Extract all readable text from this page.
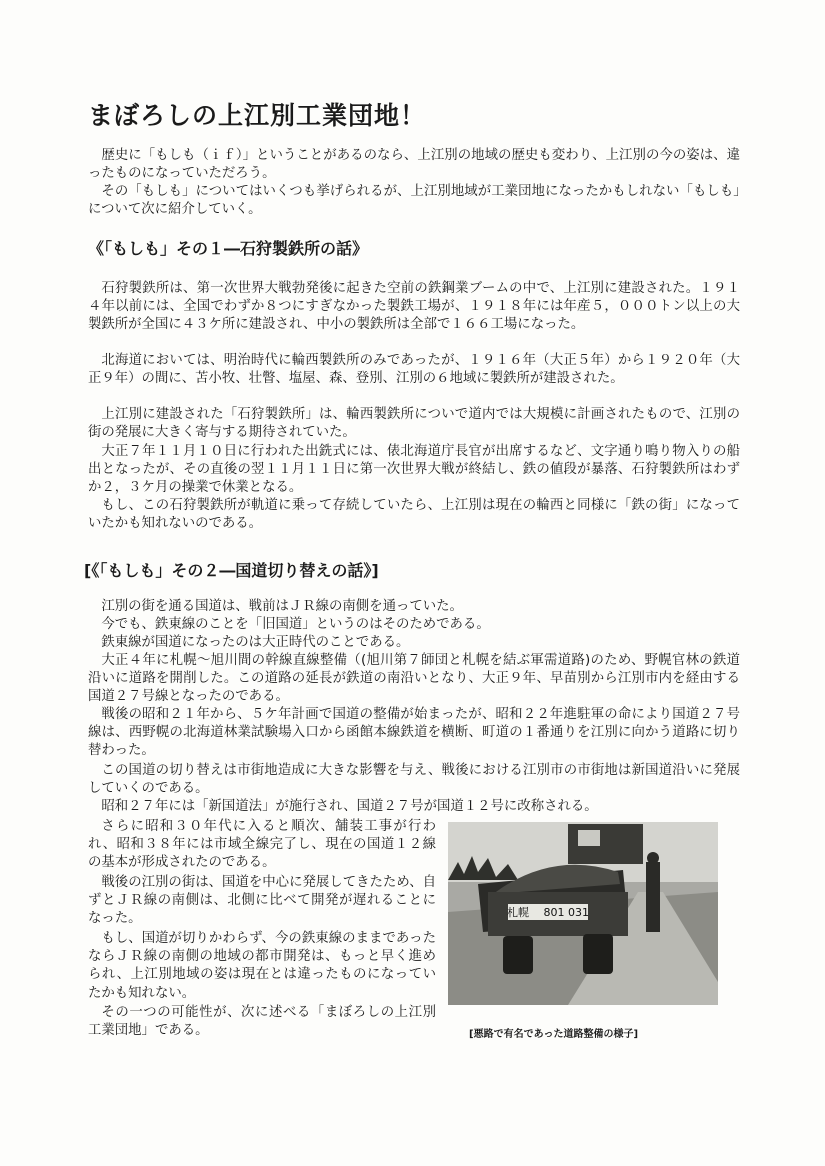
まぼろしの上江別工業団地！

歴史に「もしも（ｉｆ）」ということがあるのなら、上江別の地域の歴史も変わり、上江別の今の姿は、違ったものになっていただろう。

その「もしも」についてはいくつも挙げられるが、上江別地域が工業団地になったかもしれない「もしも」について次に紹介していく。

《「もしも」その１―石狩製鉄所の話》

石狩製鉄所は、第一次世界大戦勃発後に起きた空前の鉄鋼業ブームの中で、上江別に建設された。１９１４年以前には、全国でわずか８つにすぎなかった製鉄工場が、１９１８年には年産５，０００トン以上の大製鉄所が全国に４３ケ所に建設され、中小の製鉄所は全部で１６６工場になった。

北海道においては、明治時代に輪西製鉄所のみであったが、１９１６年（大正５年）から１９２０年（大正９年）の間に、苫小牧、壮瞥、塩屋、森、登別、江別の６地域に製鉄所が建設された。

上江別に建設された「石狩製鉄所」は、輪西製鉄所についで道内では大規模に計画されたもので、江別の街の発展に大きく寄与する期待されていた。

大正７年１１月１０日に行われた出銑式には、俵北海道庁長官が出席するなど、文字通り鳴り物入りの船出となったが、その直後の翌１１月１１日に第一次世界大戦が終結し、鉄の値段が暴落、石狩製鉄所はわずか２，３ケ月の操業で休業となる。

もし、この石狩製鉄所が軌道に乗って存続していたら、上江別は現在の輪西と同様に「鉄の街」になっていたかも知れないのである。

[《「もしも」その２―国道切り替えの話》]

江別の街を通る国道は、戦前はＪＲ線の南側を通っていた。

今でも、鉄東線のことを「旧国道」というのはそのためである。

鉄東線が国道になったのは大正時代のことである。

大正４年に札幌～旭川間の幹線直線整備（(旭川第７師団と札幌を結ぶ軍需道路)のため、野幌官林の鉄道沿いに道路を開削した。この道路の延長が鉄道の南沿いとなり、大正９年、早苗別から江別市内を経由する国道２７号線となったのである。

戦後の昭和２１年から、５ケ年計画で国道の整備が始まったが、昭和２２年進駐軍の命により国道２７号線は、西野幌の北海道林業試験場入口から函館本線鉄道を横断、町道の１番通りを江別に向かう道路に切り替わった。

この国道の切り替えは市街地造成に大きな影響を与え、戦後における江別市の市街地は新国道沿いに発展していくのである。

昭和２７年には「新国道法」が施行され、国道２７号が国道１２号に改称される。

さらに昭和３０年代に入ると順次、舗装工事が行われ、昭和３８年には市域全線完了し、現在の国道１２線の基本が形成されたのである。

戦後の江別の街は、国道を中心に発展してきたため、自ずとＪＲ線の南側は、北側に比べて開発が遅れることになった。

もし、国道が切りかわらず、今の鉄東線のままであったならＪＲ線の南側の地域の都市開発は、もっと早く進められ、上江別地域の姿は現在とは違ったものになっていたかも知れない。

その一つの可能性が、次に述べる「まぼろしの上江別工業団地」である。

札幌　 801 031

[悪路で有名であった道路整備の様子]
